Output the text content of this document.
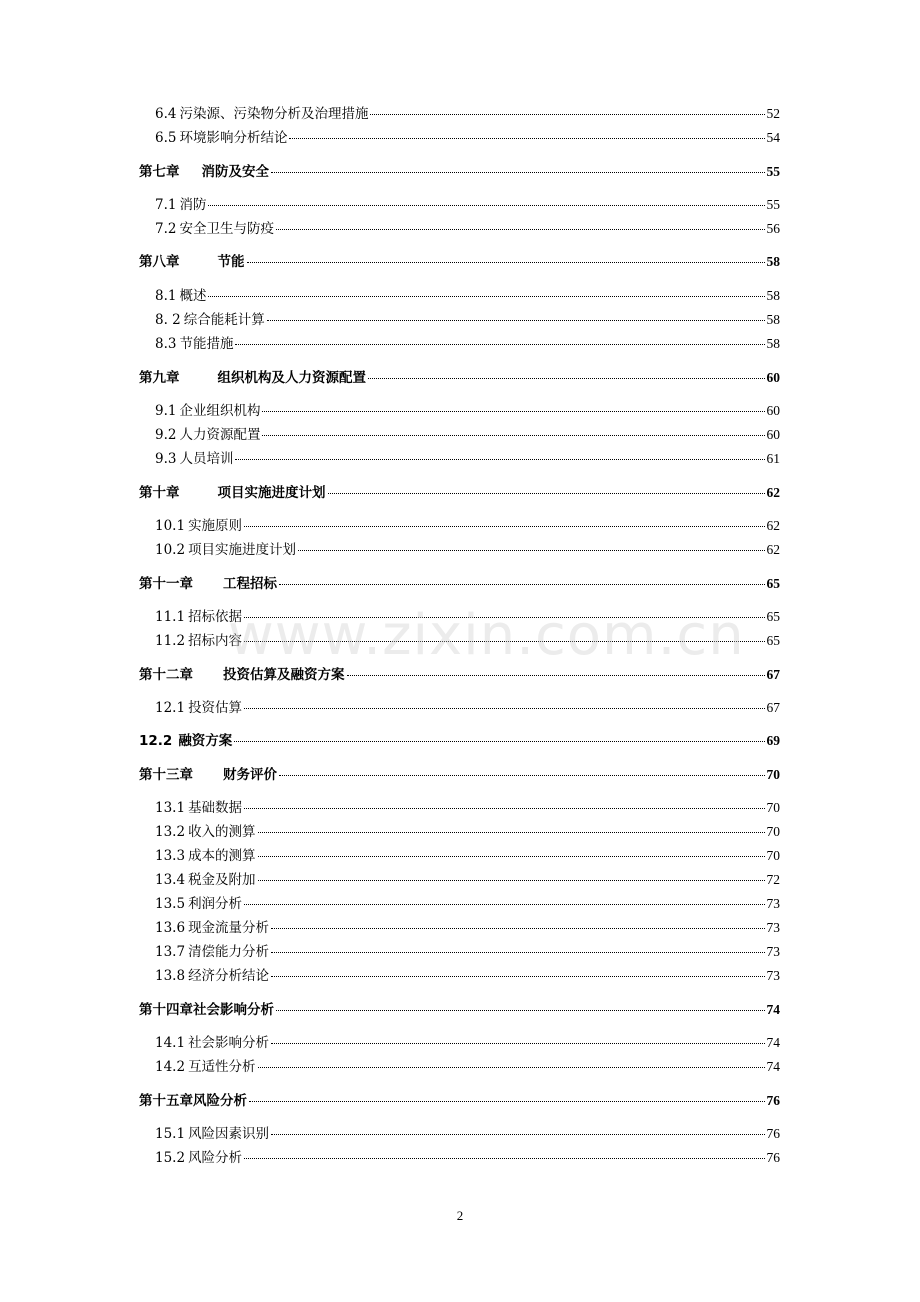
6.4 污染源、污染物分析及治理措施	52
6.5 环境影响分析结论	54
第七章 消防及安全	55
7.1 消防	55
7.2 安全卫生与防疫	56
第八章	节能	58
8.1 概述	58
8. 2 综合能耗计算	58
8.3 节能措施	58
第九章	组织机构及人力资源配置	60
9.1 企业组织机构	60
9.2 人力资源配置	60
9.3 人员培训	61
第十章	项目实施进度计划	62
10.1 实施原则	62
10.2 项目实施进度计划	62
第十一章 工程招标	65
11.1 招标依据	65
11.2 招标内容	65
第十二章 投资估算及融资方案	67
12.1 投资估算	67
12.2 融资方案	69
第十三章 财务评价	70
13.1 基础数据	70
13.2 收入的测算	70
13.3 成本的测算	70
13.4 税金及附加	72
13.5 利润分析	73
13.6 现金流量分析	73
13.7 清偿能力分析	73
13.8 经济分析结论	73
第十四章 社会影响分析	74
14.1 社会影响分析	74
14.2 互适性分析	74
第十五章 风险分析	76
15.1 风险因素识别	76
15.2 风险分析	76
www.zixin.com.cn
2
